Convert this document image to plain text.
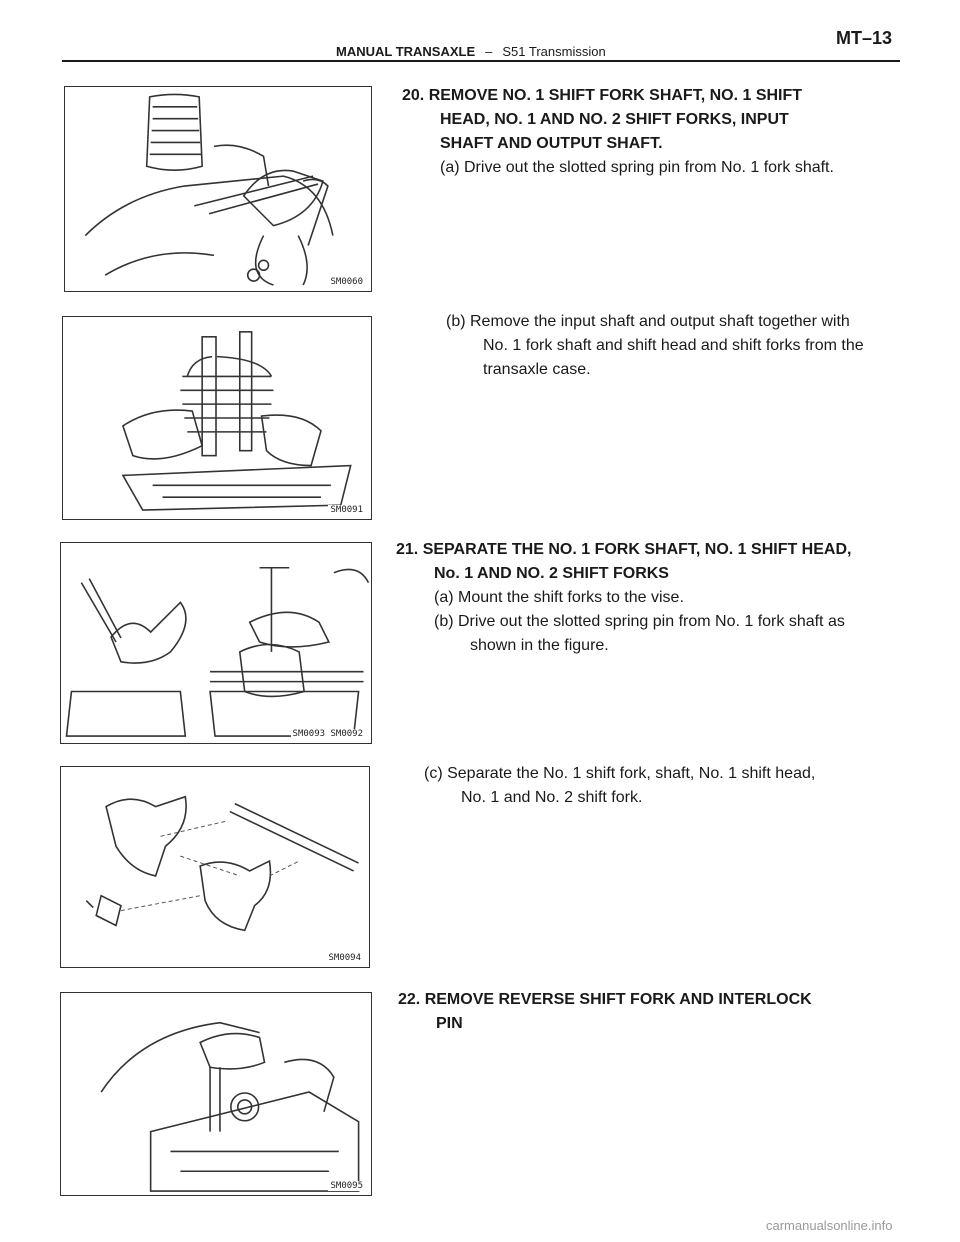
MANUAL TRANSAXLE – S51 Transmission
MT–13
SM0060
SM0091
SM0093 SM0092
SM0094
SM0095
20. REMOVE NO. 1 SHIFT FORK SHAFT, NO. 1 SHIFT
HEAD, NO. 1 AND NO. 2 SHIFT FORKS, INPUT
SHAFT AND OUTPUT SHAFT.
(a) Drive out the slotted spring pin from No. 1 fork shaft.
(b) Remove the input shaft and output shaft together with
No. 1 fork shaft and shift head and shift forks from the
transaxle case.
21. SEPARATE THE NO. 1 FORK SHAFT, NO. 1 SHIFT HEAD,
No. 1 AND NO. 2 SHIFT FORKS
(a) Mount the shift forks to the vise.
(b) Drive out the slotted spring pin from No. 1 fork shaft as
shown in the figure.
(c) Separate the No. 1 shift fork, shaft, No. 1 shift head,
No. 1 and No. 2 shift fork.
22. REMOVE REVERSE SHIFT FORK AND INTERLOCK
PIN
carmanualsonline.info
